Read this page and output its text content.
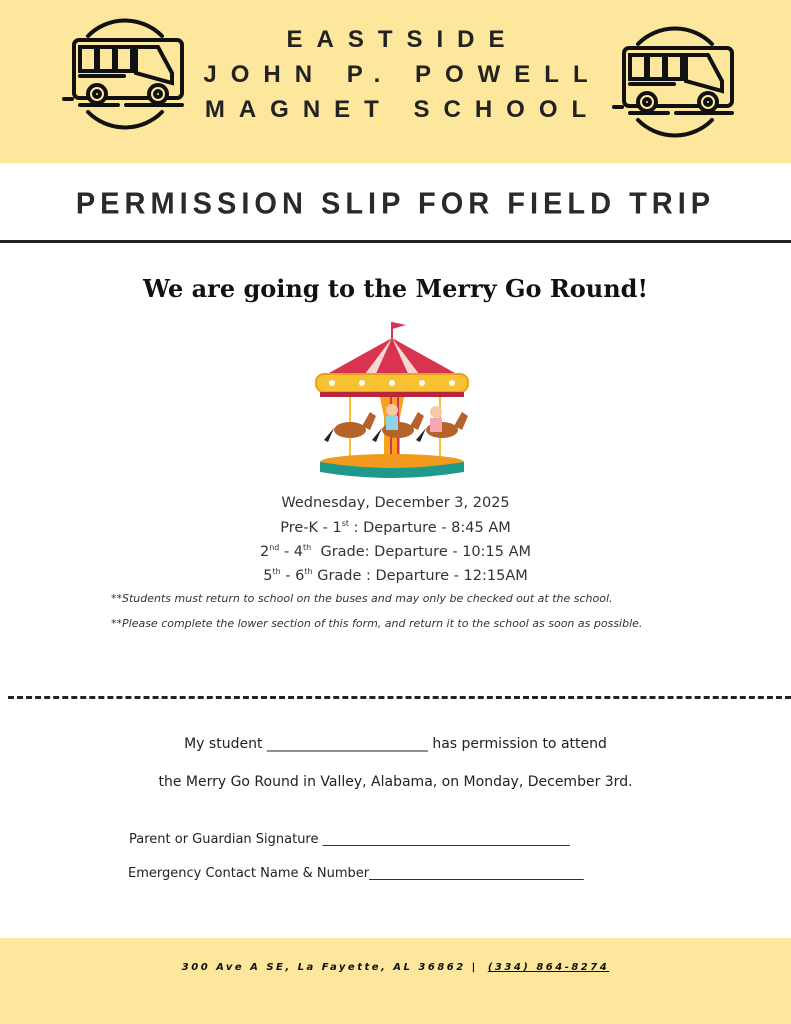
EASTSIDE
JOHN P. POWELL
MAGNET SCHOOL
PERMISSION SLIP FOR FIELD TRIP
We are going to the Merry Go Round!
Wednesday, December 3, 2025
Pre-K - 1st : Departure - 8:45 AM
2nd - 4th  Grade: Departure - 10:15 AM
5th - 6th Grade : Departure - 12:15AM
**Students must return to school on the buses and may only be checked out at the school.
**Please complete the lower section of this form, and return it to the school as soon as possible.
My student _______________________ has permission to attend
the Merry Go Round in Valley, Alabama, on Monday, December 3rd.
Parent or Guardian Signature ______________________________________
Emergency Contact Name & Number_________________________________
300 Ave A SE, La Fayette, AL 36862 | (334) 864-8274
